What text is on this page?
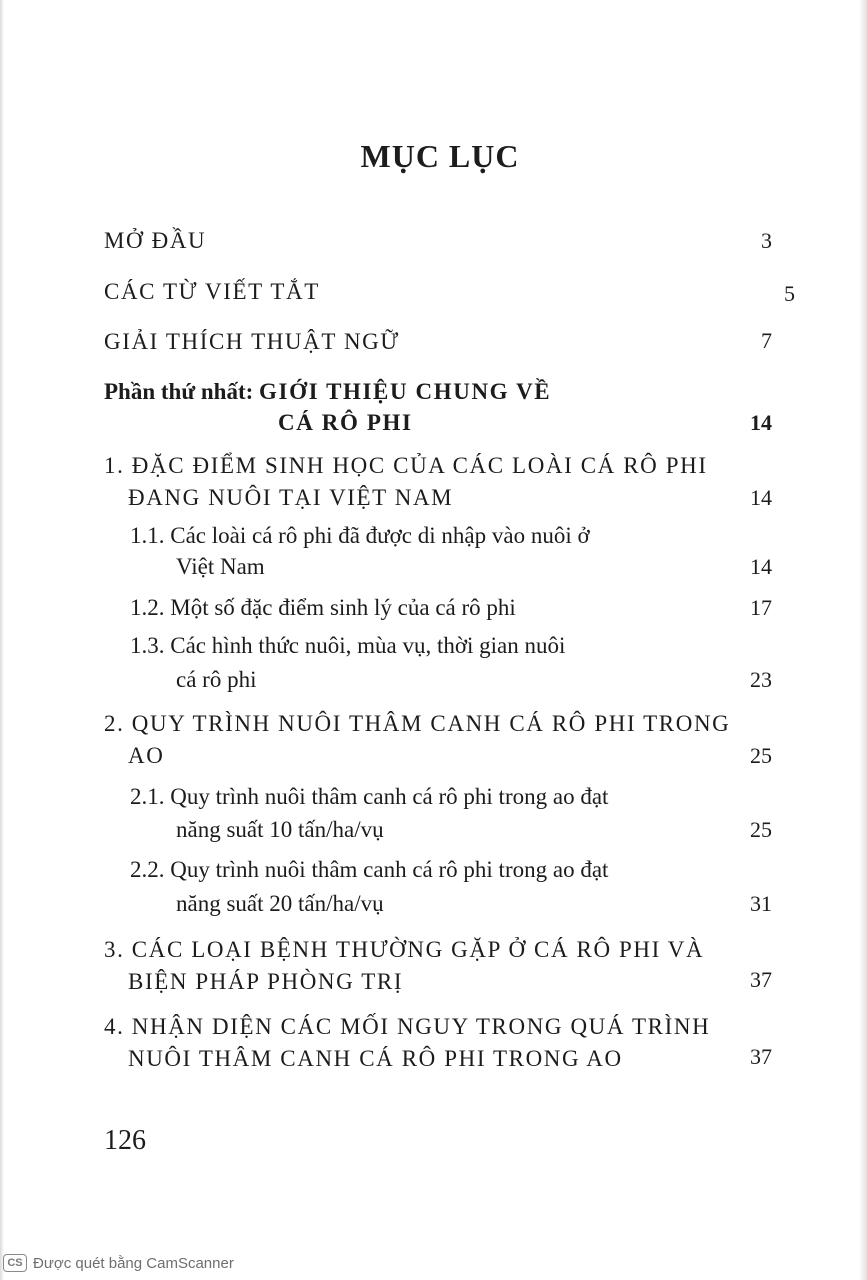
MỤC LỤC
MỞ ĐẦU	3
CÁC TỪ VIẾT TẮT	5
GIẢI THÍCH THUẬT NGỮ	7
Phần thứ nhất: GIỚI THIỆU CHUNG VỀ
CÁ RÔ PHI	14
1. ĐẶC ĐIỂM SINH HỌC CỦA CÁC LOÀI CÁ RÔ PHI
ĐANG NUÔI TẠI VIỆT NAM	14
1.1. Các loài cá rô phi đã được di nhập vào nuôi ở
Việt Nam	14
1.2. Một số đặc điểm sinh lý của cá rô phi	17
1.3. Các hình thức nuôi, mùa vụ, thời gian nuôi
cá rô phi	23
2. QUY TRÌNH NUÔI THÂM CANH CÁ RÔ PHI TRONG
AO	25
2.1. Quy trình nuôi thâm canh cá rô phi trong ao đạt
năng suất 10 tấn/ha/vụ	25
2.2. Quy trình nuôi thâm canh cá rô phi trong ao đạt
năng suất 20 tấn/ha/vụ	31
3. CÁC LOẠI BỆNH THƯỜNG GẶP Ở CÁ RÔ PHI VÀ
BIỆN PHÁP PHÒNG TRỊ	37
4. NHẬN DIỆN CÁC MỐI NGUY TRONG QUÁ TRÌNH
NUÔI THÂM CANH CÁ RÔ PHI TRONG AO	37
126
CS Được quét bằng CamScanner
